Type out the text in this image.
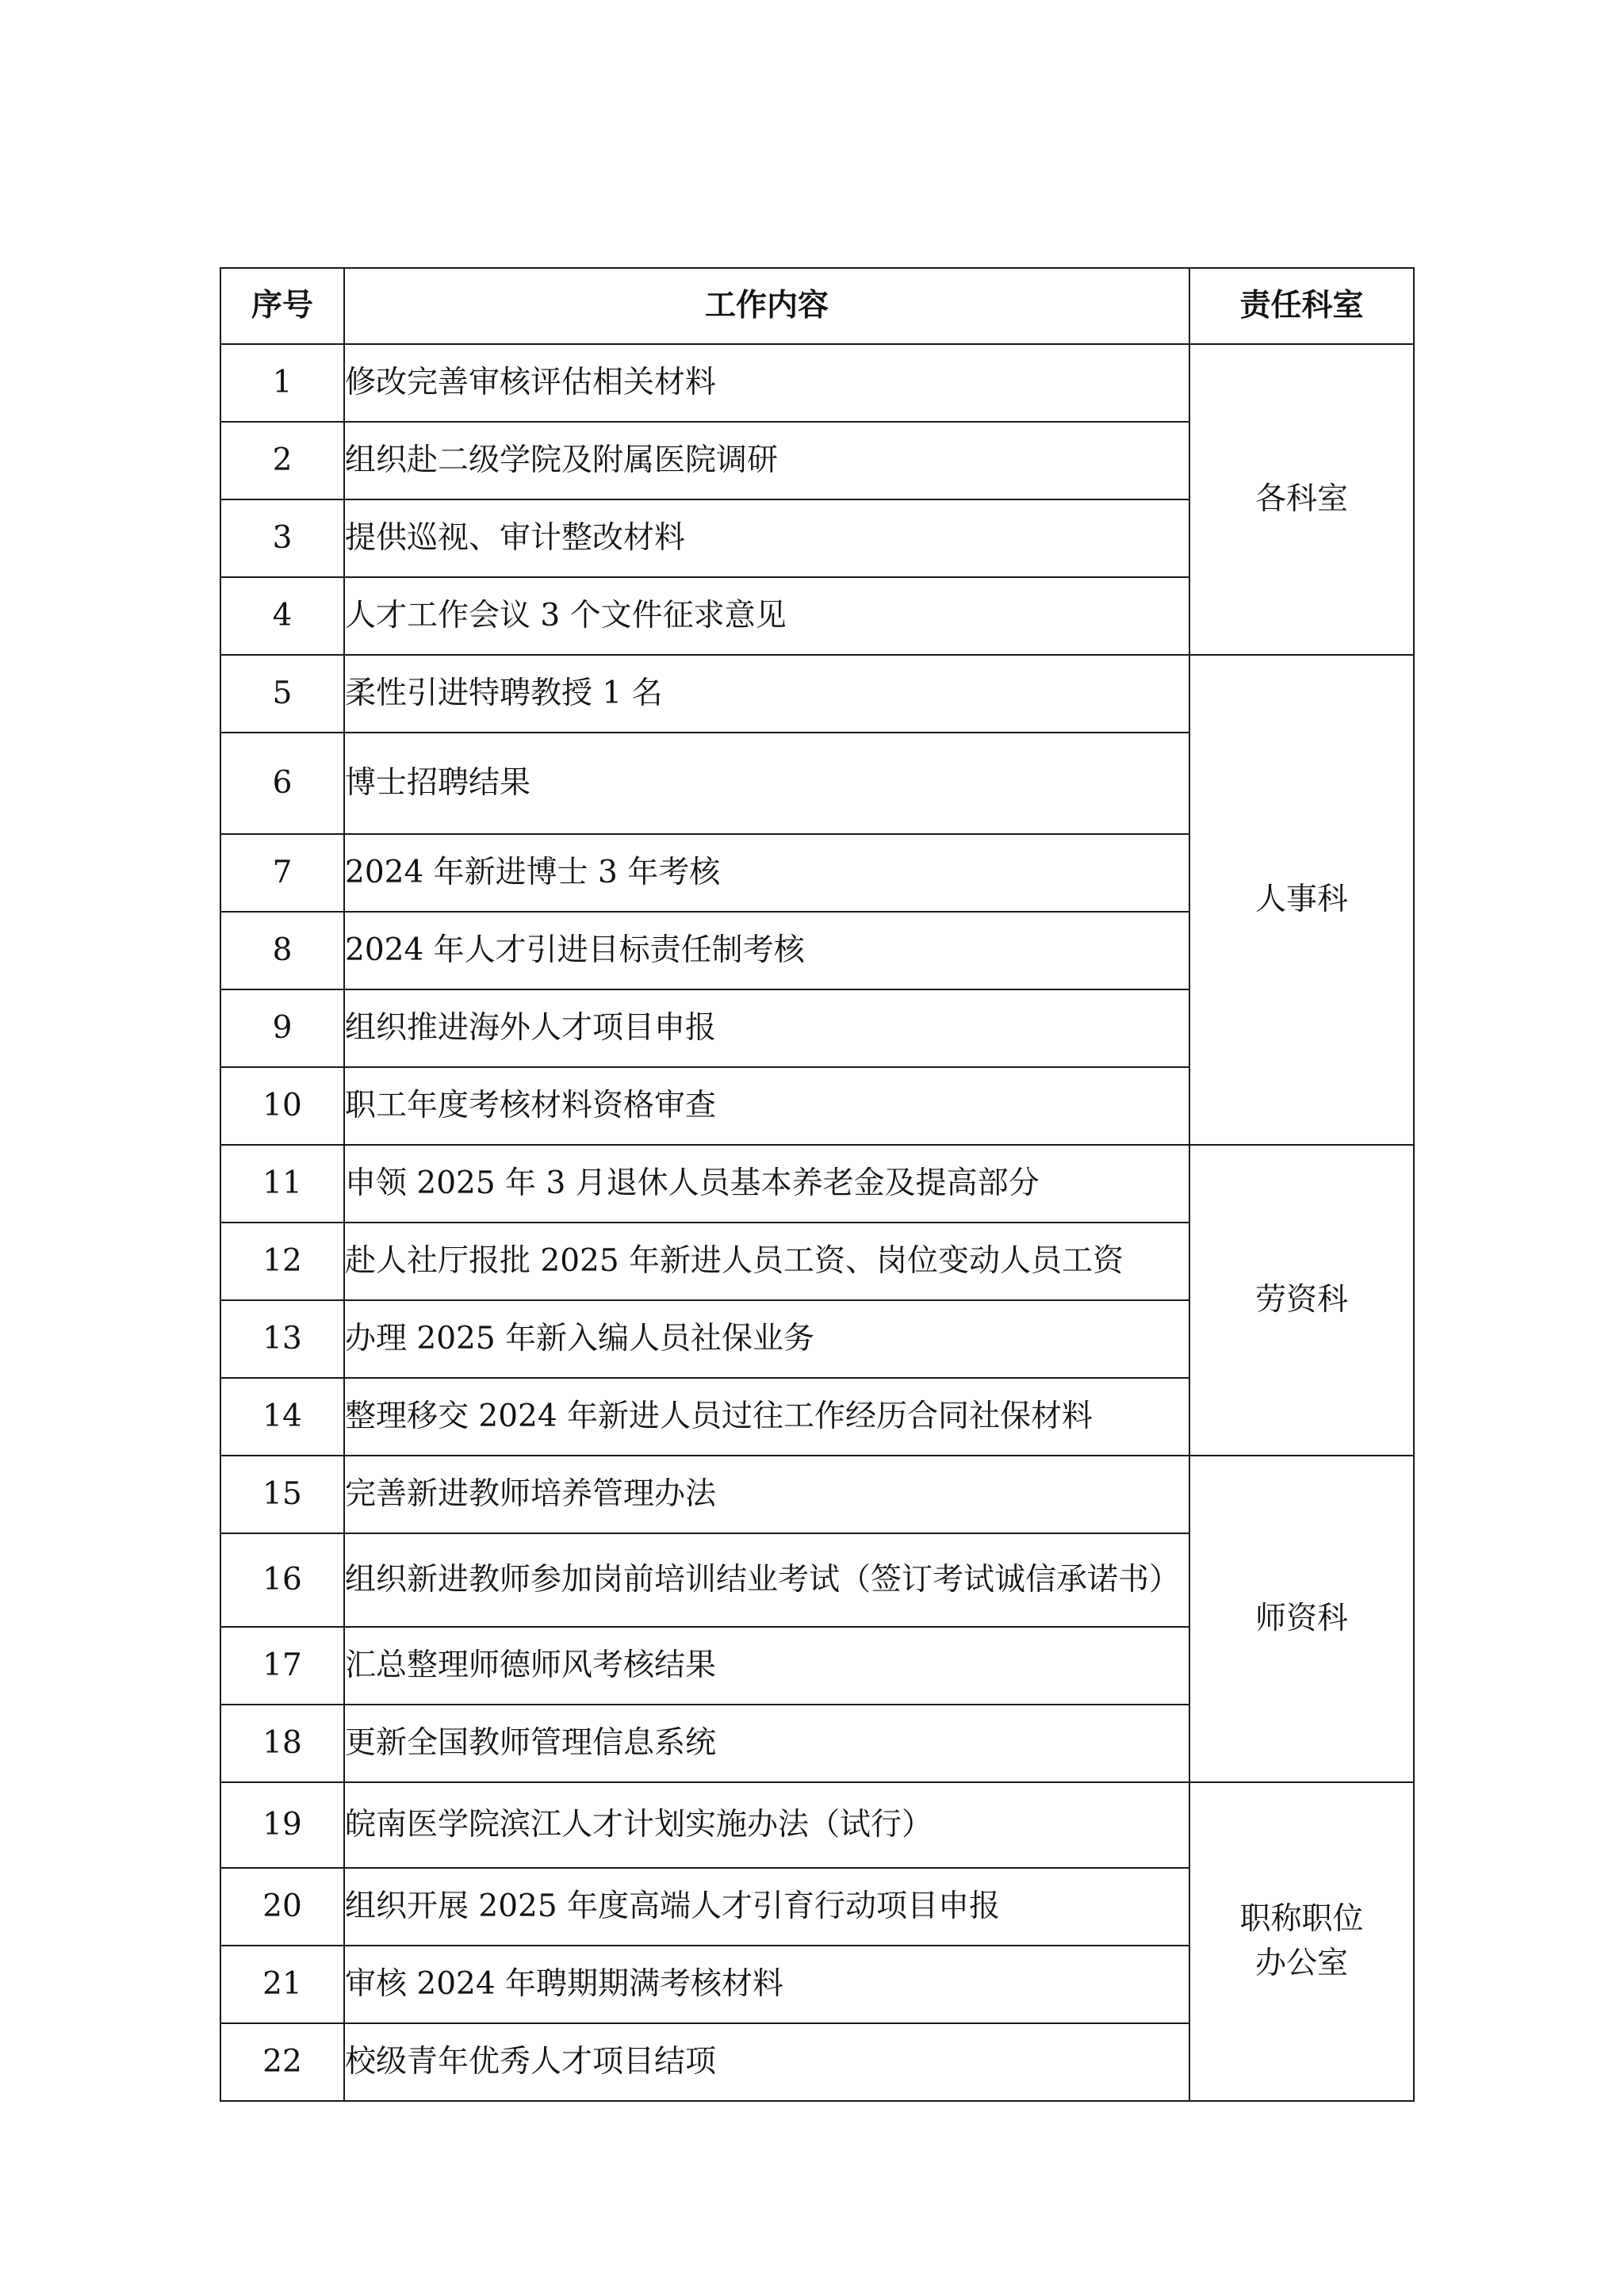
序号	工作内容	责任科室
1	修改完善审核评估相关材料	各科室
2	组织赴二级学院及附属医院调研	
3	提供巡视、审计整改材料	
4	人才工作会议 3 个文件征求意见	
5	柔性引进特聘教授 1 名	人事科
6	博士招聘结果	
7	2024 年新进博士 3 年考核	
8	2024 年人才引进目标责任制考核	
9	组织推进海外人才项目申报	
10	职工年度考核材料资格审查	
11	申领 2025 年 3 月退休人员基本养老金及提高部分	劳资科
12	赴人社厅报批 2025 年新进人员工资、岗位变动人员工资	
13	办理 2025 年新入编人员社保业务	
14	整理移交 2024 年新进人员过往工作经历合同社保材料	
15	完善新进教师培养管理办法	师资科
16	组织新进教师参加岗前培训结业考试（签订考试诚信承诺书）	
17	汇总整理师德师风考核结果	
18	更新全国教师管理信息系统	
19	皖南医学院滨江人才计划实施办法（试行）	职称职位办公室

20	组织开展 2025 年度高端人才引育行动项目申报	
21	审核 2024 年聘期期满考核材料	
22	校级青年优秀人才项目结项	
